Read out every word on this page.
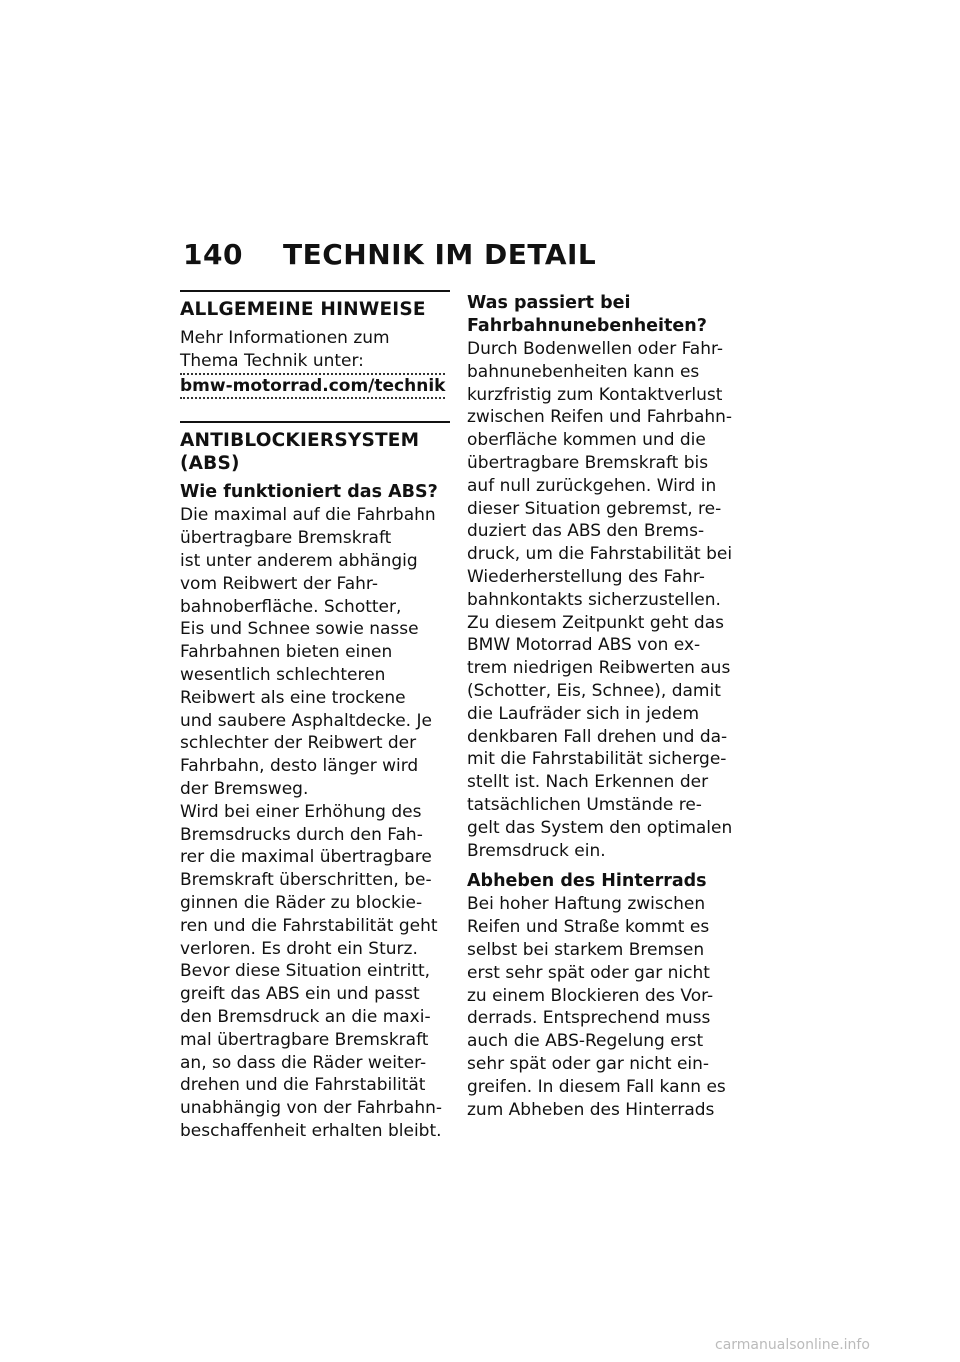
140 TECHNIK IM DETAIL
ALLGEMEINE HINWEISE
Mehr Informationen zum
Thema Technik unter:
bmw-motorrad.com/technik
ANTIBLOCKIERSYSTEM
(ABS)
Wie funktioniert das ABS?
Die maximal auf die Fahrbahn
übertragbare Bremskraft
ist unter anderem abhängig
vom Reibwert der Fahr-
bahnoberfläche. Schotter,
Eis und Schnee sowie nasse
Fahrbahnen bieten einen
wesentlich schlechteren
Reibwert als eine trockene
und saubere Asphaltdecke. Je
schlechter der Reibwert der
Fahrbahn, desto länger wird
der Bremsweg.
Wird bei einer Erhöhung des
Bremsdrucks durch den Fah-
rer die maximal übertragbare
Bremskraft überschritten, be-
ginnen die Räder zu blockie-
ren und die Fahrstabilität geht
verloren. Es droht ein Sturz.
Bevor diese Situation eintritt,
greift das ABS ein und passt
den Bremsdruck an die maxi-
mal übertragbare Bremskraft
an, so dass die Räder weiter-
drehen und die Fahrstabilität
unabhängig von der Fahrbahn-
beschaffenheit erhalten bleibt.
Was passiert bei
Fahrbahnunebenheiten?
Durch Bodenwellen oder Fahr-
bahnunebenheiten kann es
kurzfristig zum Kontaktverlust
zwischen Reifen und Fahrbahn-
oberfläche kommen und die
übertragbare Bremskraft bis
auf null zurückgehen. Wird in
dieser Situation gebremst, re-
duziert das ABS den Brems-
druck, um die Fahrstabilität bei
Wiederherstellung des Fahr-
bahnkontakts sicherzustellen.
Zu diesem Zeitpunkt geht das
BMW Motorrad ABS von ex-
trem niedrigen Reibwerten aus
(Schotter, Eis, Schnee), damit
die Laufräder sich in jedem
denkbaren Fall drehen und da-
mit die Fahrstabilität sicherge-
stellt ist. Nach Erkennen der
tatsächlichen Umstände re-
gelt das System den optimalen
Bremsdruck ein.
Abheben des Hinterrads
Bei hoher Haftung zwischen
Reifen und Straße kommt es
selbst bei starkem Bremsen
erst sehr spät oder gar nicht
zu einem Blockieren des Vor-
derrads. Entsprechend muss
auch die ABS-Regelung erst
sehr spät oder gar nicht ein-
greifen. In diesem Fall kann es
zum Abheben des Hinterrads
carmanualsonline.info
